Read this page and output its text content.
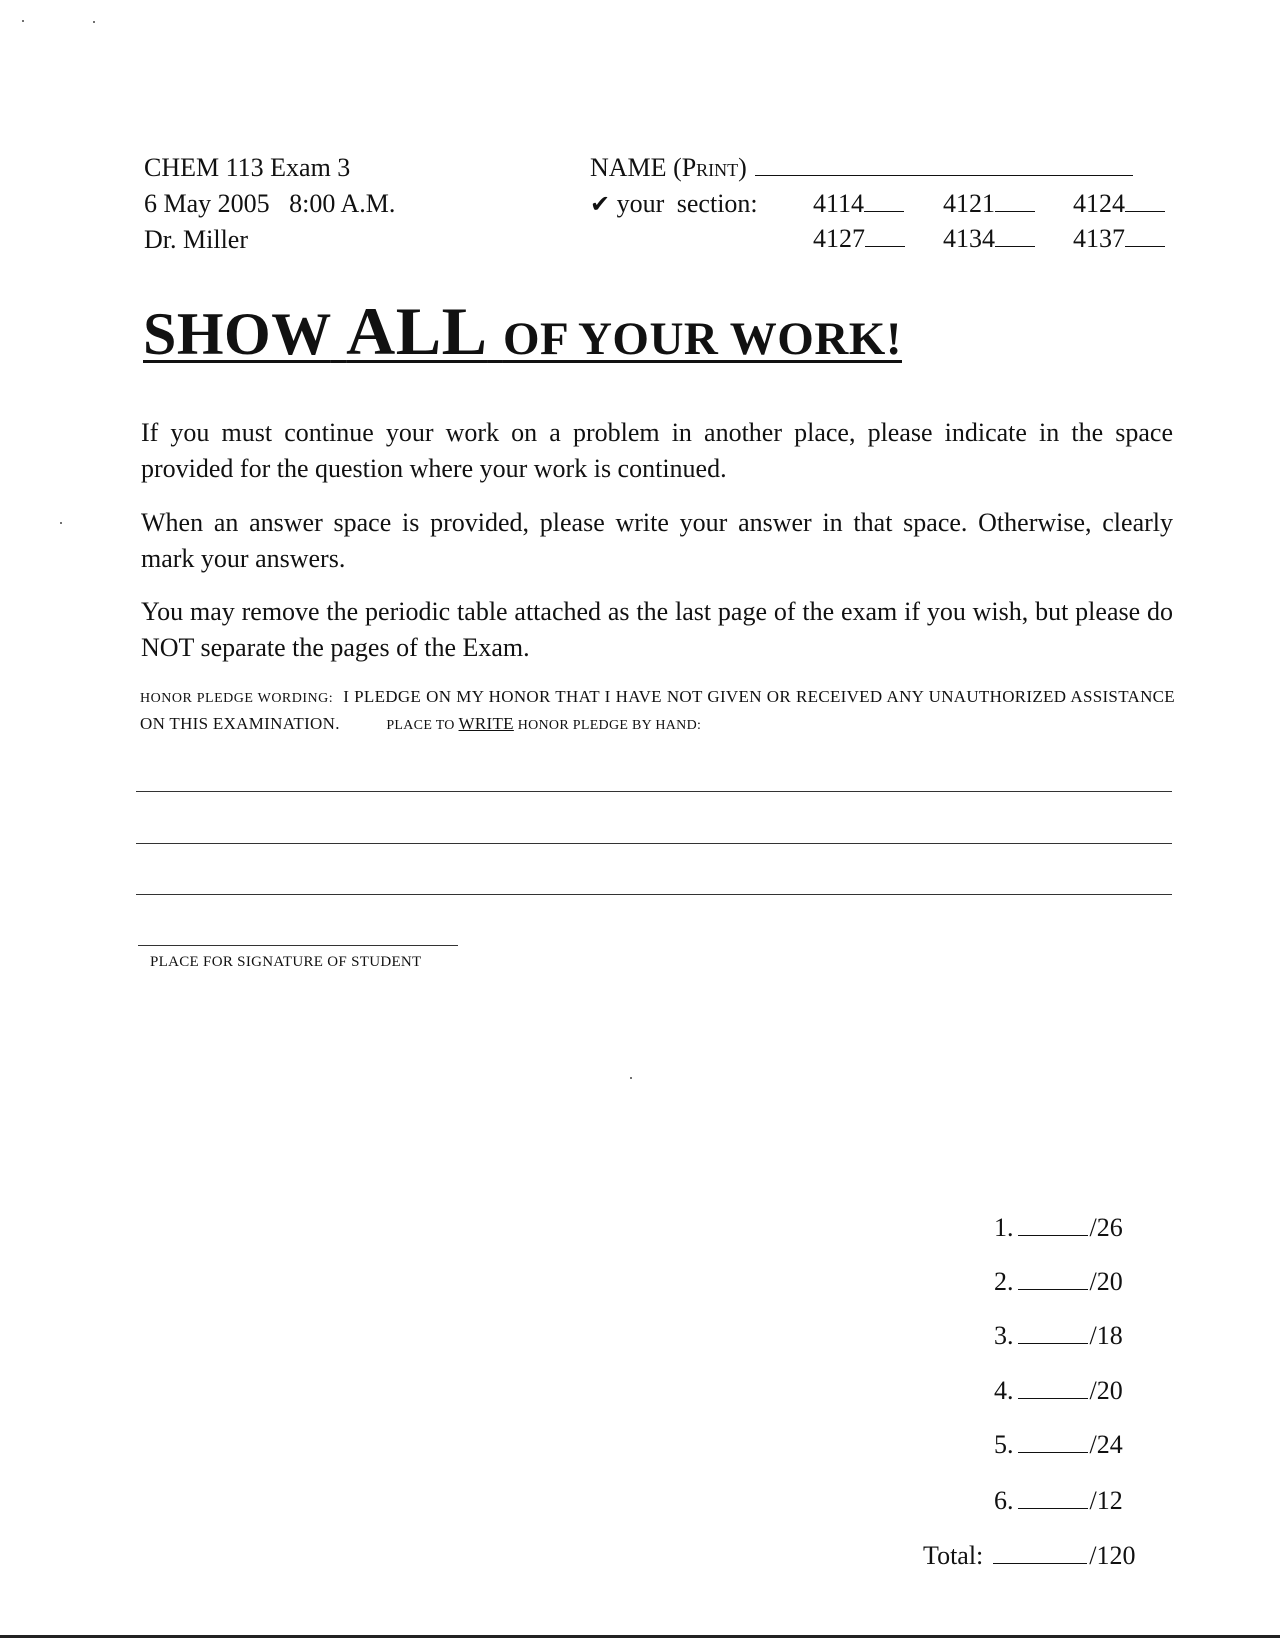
CHEM 113 Exam 3
6 May 2005 8:00 A.M.
Dr. Miller
NAME (Print)
✔ your section: 4114	4121	4124
4127	4134	4137
SHOW ALL OF YOUR WORK!
If you must continue your work on a problem in another place, please indicate in the space provided for the question where your work is continued.
When an answer space is provided, please write your answer in that space. Otherwise, clearly mark your answers.
You may remove the periodic table attached as the last page of the exam if you wish, but please do NOT separate the pages of the Exam.
HONOR PLEDGE WORDING: I PLEDGE ON MY HONOR THAT I HAVE NOT GIVEN OR RECEIVED ANY UNAUTHORIZED ASSISTANCE ON THIS EXAMINATION.	PLACE TO WRITE HONOR PLEDGE BY HAND:
PLACE FOR SIGNATURE OF STUDENT
1.	/26
2.	/20
3.	/18
4.	/20
5.	/24
6.	/12
Total:	/120
